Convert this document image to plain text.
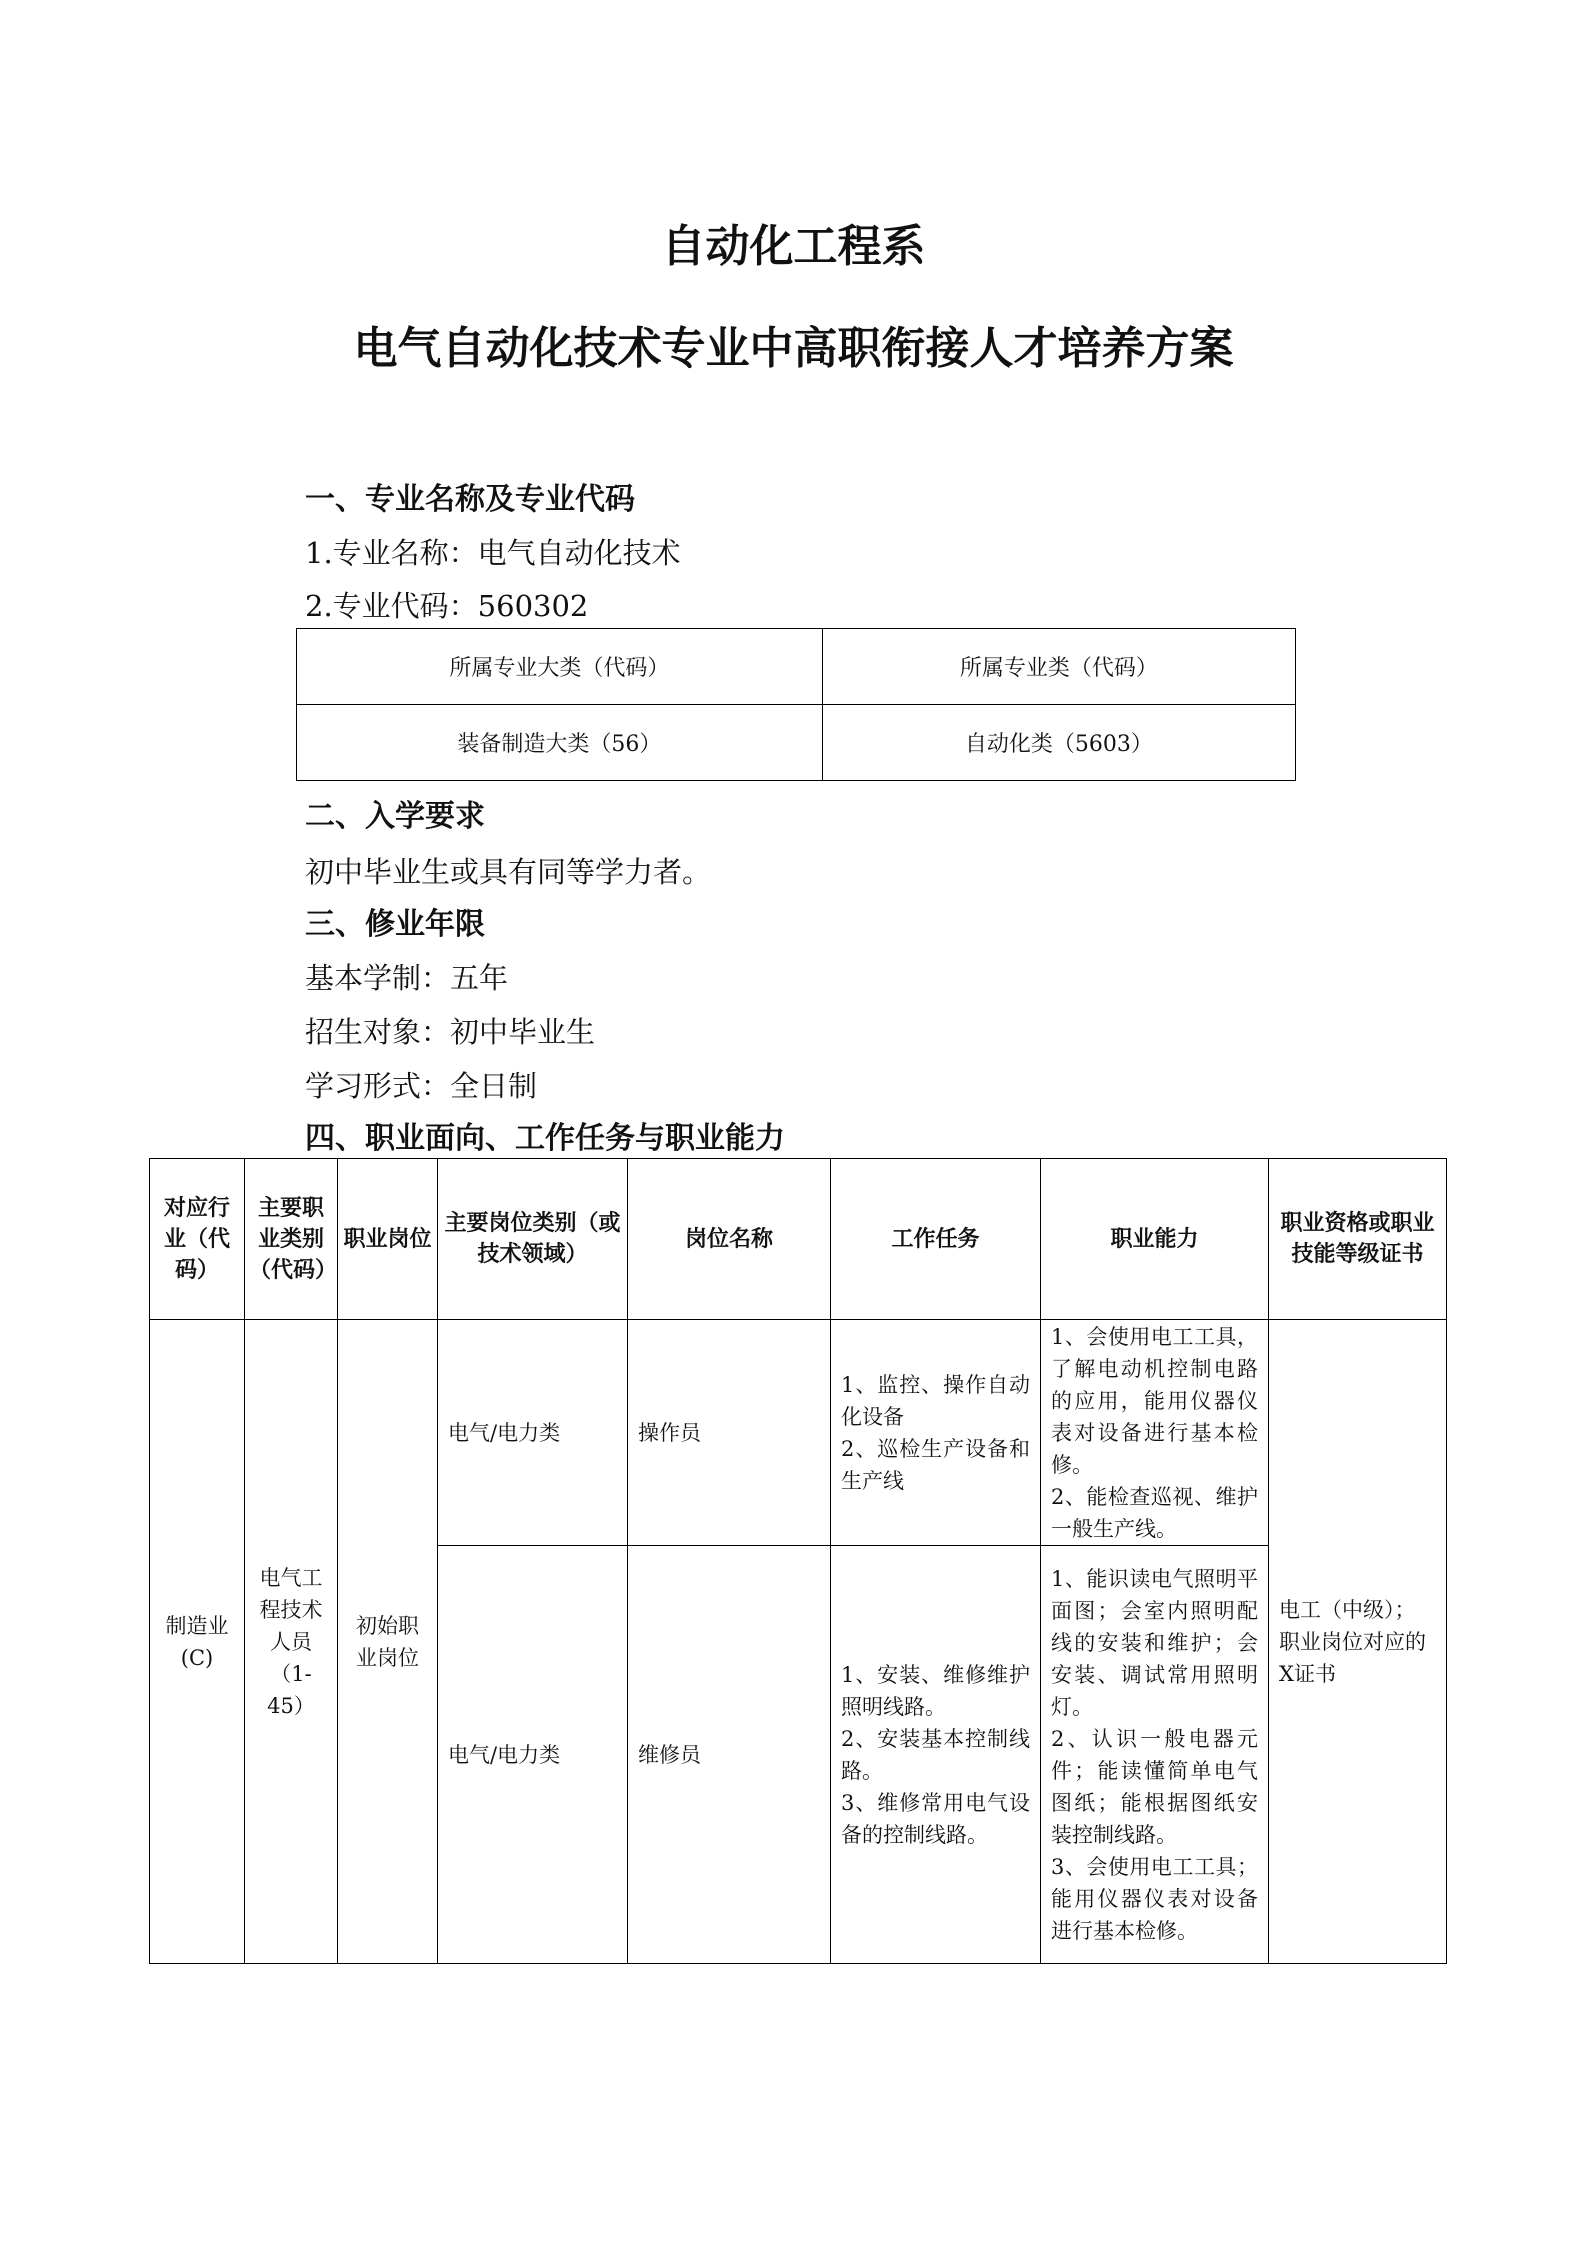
自动化工程系
电气自动化技术专业中高职衔接人才培养方案
一、专业名称及专业代码

1.专业名称：电气自动化技术

2.专业代码：560302

所属专业大类（代码）	所属专业类（代码）
装备制造大类（56）	自动化类（5603）
二、入学要求

初中毕业生或具有同等学力者。

三、修业年限

基本学制：五年

招生对象：初中毕业生

学习形式：全日制

四、职业面向、工作任务与职业能力
对应行业（代码）	主要职业类别（代码）	职业岗位	主要岗位类别（或技术领域）	岗位名称	工作任务	职业能力	职业资格或职业技能等级证书
制造业(C)	电气工程技术人员（1-45）	初始职业岗位	电气/电力类	操作员	1、监控、操作自动化设备
2、巡检生产设备和生产线	1、会使用电工工具，了解电动机控制电路的应用，能用仪器仪表对设备进行基本检修。
2、能检查巡视、维护一般生产线。	电工（中级）；职业岗位对应的X证书
			电气/电力类	维修员	1、安装、维修维护照明线路。
2、安装基本控制线路。
3、维修常用电气设备的控制线路。	1、能识读电气照明平面图；会室内照明配线的安装和维护；会安装、调试常用照明灯。
2、认识一般电器元件；能读懂简单电气图纸；能根据图纸安装控制线路。
3、会使用电工工具；能用仪器仪表对设备进行基本检修。	
